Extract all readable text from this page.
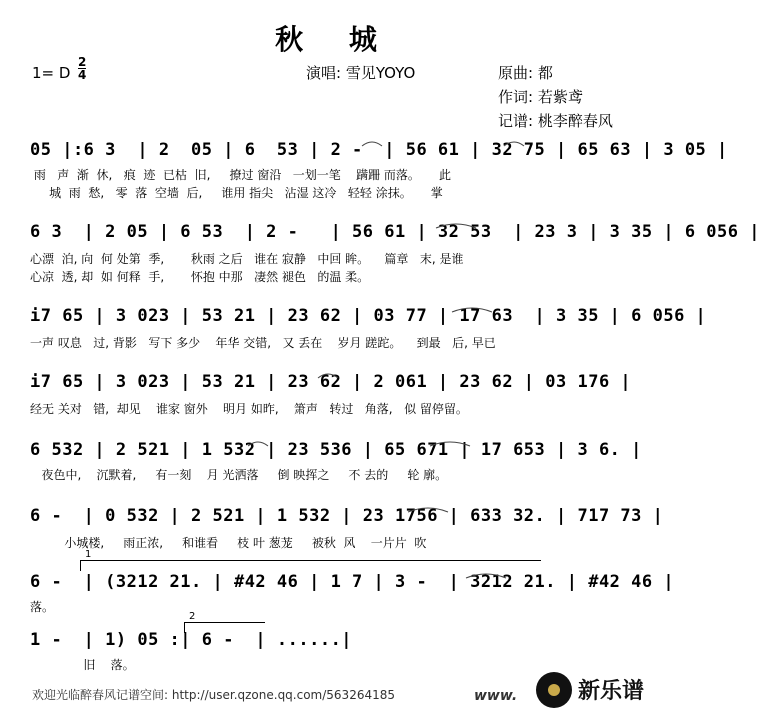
秋 城
1= D
2
4	演唱: 雪见YOYO	原曲: 都
作词: 若紫鸢
记谱: 桃李醉春风
05 |:6 3  | 2  05 | 6  53 | 2 -  | 56 61 | 32 75 | 65 63 | 3 05 |
雨   声  渐  休,   痕  迹  已枯  旧,     撩过 窗沿   一划一笔    蹒跚 而落。     此
城  雨  愁,   零  落  空墙  后,     谁用 指尖   沾湿 这冷   轻轻 涂抹。     掌
6 3  | 2 05 | 6 53  | 2 -   | 56 61 | 32 53  | 23 3 | 3 35 | 6 056 |
心漂  泊, 向  何 处第  季,       秋雨 之后   谁在 寂静   中回 眸。    篇章   末, 是谁
心凉  透, 却  如 何释  手,       怀抱 中那   凄然 褪色   的温 柔。
i7 65 | 3 023 | 53 21 | 23 62 | 03 77 | 17 63  | 3 35 | 6 056 |
一声 叹息   过, 背影   写下 多少    年华 交错,   又 丢在    岁月 蹉跎。    到最   后, 早已
i7 65 | 3 023 | 53 21 | 23 62 | 2 061 | 23 62 | 03 176 |
经无 关对   错,  却见    谁家 窗外    明月 如昨,    箫声   转过   角落,   似 留停留。
6 532 | 2 521 | 1 532 | 23 536 | 65 671 | 17 653 | 3 6. |
夜色中,    沉默着,     有一刻    月 光洒落     倒 映挥之     不 去的     轮 廓。
6 -  | 0 532 | 2 521 | 1 532 | 23 1756 | 633 32. | 717 73 |
小城楼,     雨正浓,     和谁看     枝 叶 葱茏     被秋  风    一片片  吹
1
6 -  | (3212 21. | #42 46 | 1 7 | 3 -  | 3212 21. | #42 46 |
落。
2
1 -  | 1) 05 :| 6 -  | ......|
旧    落。
欢迎光临醉春风记谱空间: http://user.qzone.qq.com/563264185	www.	新乐谱
